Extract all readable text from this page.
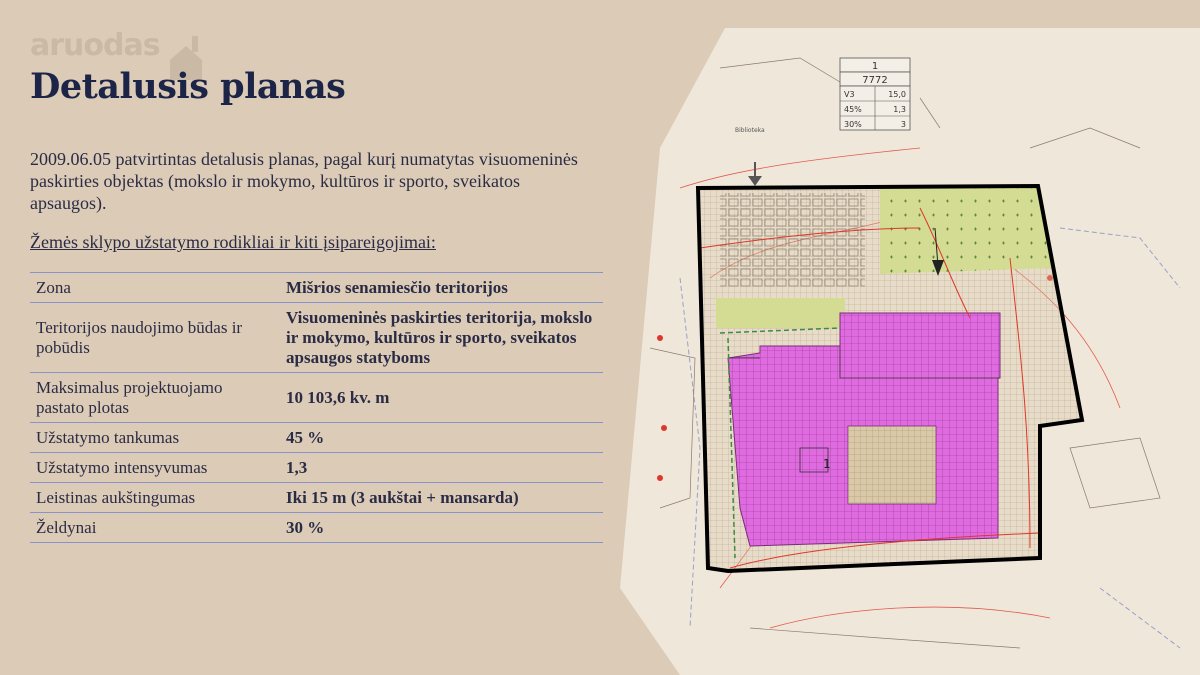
aruodas
Detalusis planas

2009.06.05 patvirtintas detalusis planas, pagal kurį numatytas visuomeninės paskirties objektas (mokslo ir mokymo, kultūros ir sporto, sveikatos apsaugos).

Žemės sklypo užstatymo rodikliai ir kiti įsipareigojimai:

Zona	Mišrios senamiesčio teritorijos
Teritorijos naudojimo būdas ir pobūdis	Visuomeninės paskirties teritorija, mokslo ir mokymo, kultūros ir sporto, sveikatos apsaugos statyboms
Maksimalus projektuojamo pastato plotas	10 103,6 kv. m
Užstatymo tankumas	45 %
Užstatymo intensyvumas	1,3
Leistinas aukštingumas	Iki 15 m (3 aukštai + mansarda)
Želdynai	30 %
1
7772
V3	15,0
45%	1,3
30%	3
Biblioteka
1
